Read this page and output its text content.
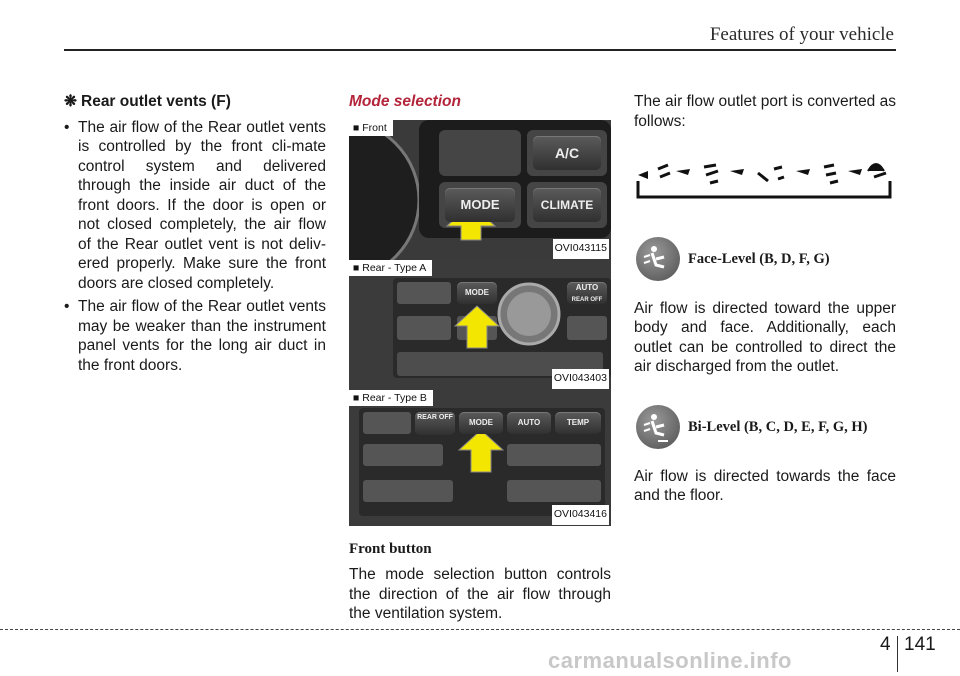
Features of your vehicle

❋ Rear outlet vents (F)

• The air flow of the Rear outlet vents is controlled by the front cli-mate control system and delivered through the inside air duct of the front doors. If the door is open or not closed completely, the air flow of the Rear outlet vent is not deliv-ered properly. Make sure the front doors are closed completely.

• The air flow of the Rear outlet vents may be weaker than the instrument panel vents for the long air duct in the front doors.

Mode selection

A/C
MODE	CLIMATE
■ Front
OVI043115
MODE
AUTO
REAR OFF
■ Rear - Type A
OVI043403
REAR OFF
MODE	AUTO	TEMP
■ Rear - Type B
OVI043416

Front button

The mode selection button controls the direction of the air flow through the ventilation system.

The air flow outlet port is converted as follows:

Face-Level (B, D, F, G)

Air flow is directed toward the upper body and face. Additionally, each outlet can be controlled to direct the air discharged from the outlet.

Bi-Level (B, C, D, E, F, G, H)

Air flow is directed towards the face and the floor.

carmanualsonline.info
4 141
